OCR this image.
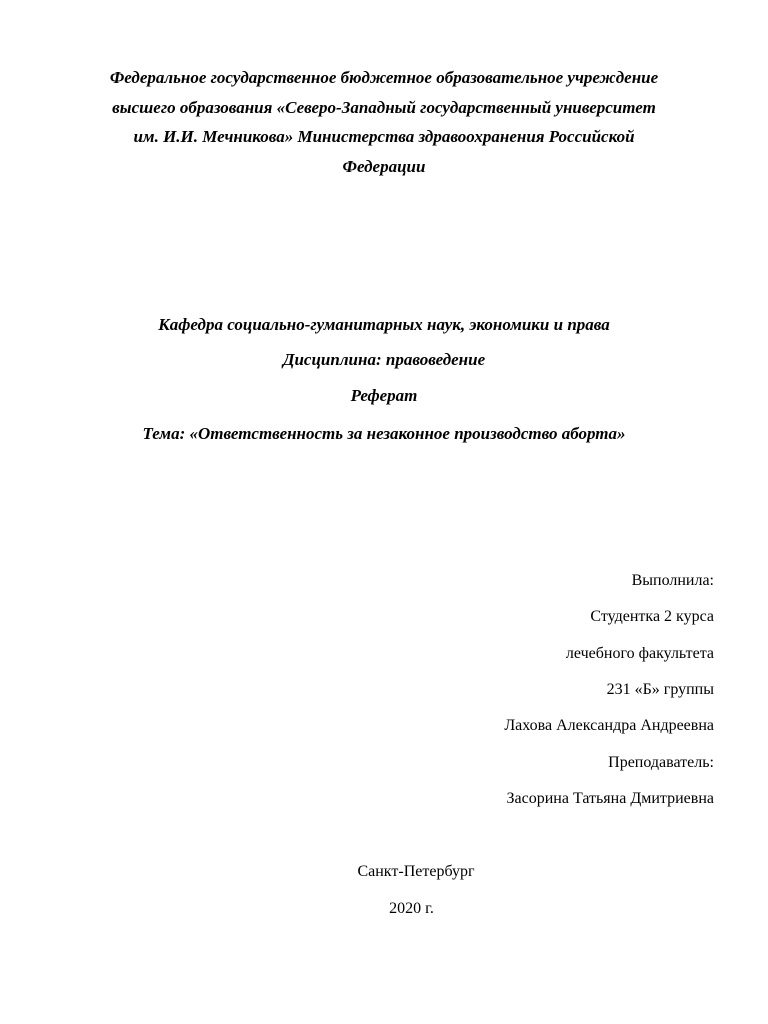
Федеральное государственное бюджетное образовательное учреждение
высшего образования «Северо-Западный государственный университет
им. И.И. Мечникова» Министерства здравоохранения Российской
Федерации
Кафедра социально-гуманитарных наук, экономики и права
Дисциплина: правоведение
Реферат
Тема: «Ответственность за незаконное производство аборта»
Выполнила:
Студентка 2 курса
лечебного факультета
231 «Б» группы
Лахова Александра Андреевна
Преподаватель:
Засорина Татьяна Дмитриевна
Санкт-Петербург
2020 г.
